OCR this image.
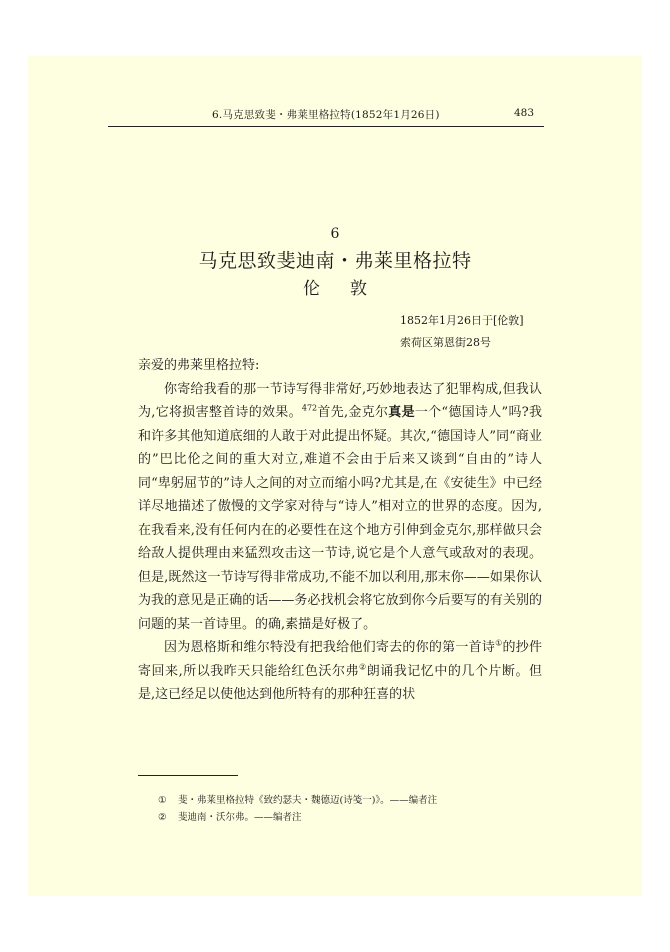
6.马克思致斐・弗莱里格拉特(1852年1月26日)	483
6
马克思致斐迪南・弗莱里格拉特
伦敦
1852年1月26日于[伦敦]
索荷区第恩街28号

亲爱的弗莱里格拉特:

你寄给我看的那一节诗写得非常好,巧妙地表达了犯罪构成,但我认为,它将损害整首诗的效果。$^{472}$首先,金克尔真是一个“德国诗人”吗?我和许多其他知道底细的人敢于对此提出怀疑。其次,“德国诗人”同“商业的”巴比伦之间的重大对立,难道不会由于后来又谈到“自由的”诗人同“卑躬屈节的”诗人之间的对立而缩小吗?尤其是,在《安徒生》中已经详尽地描述了傲慢的文学家对待与“诗人”相对立的世界的态度。因为,在我看来,没有任何内在的必要性在这个地方引伸到金克尔,那样做只会给敌人提供理由来猛烈攻击这一节诗,说它是个人意气或敌对的表现。但是,既然这一节诗写得非常成功,不能不加以利用,那末你——如果你认为我的意见是正确的话——务必找机会将它放到你今后要写的有关别的问题的某一首诗里。的确,素描是好极了。

因为恩格斯和维尔特没有把我给他们寄去的你的第一首诗①的抄件寄回来,所以我昨天只能给红色沃尔弗②朗诵我记忆中的几个片断。但是,这已经足以使他达到他所特有的那种狂喜的状

① 斐・弗莱里格拉特《致约瑟夫・魏德迈(诗笺一)》。——编者注
② 斐迪南・沃尔弗。——编者注
